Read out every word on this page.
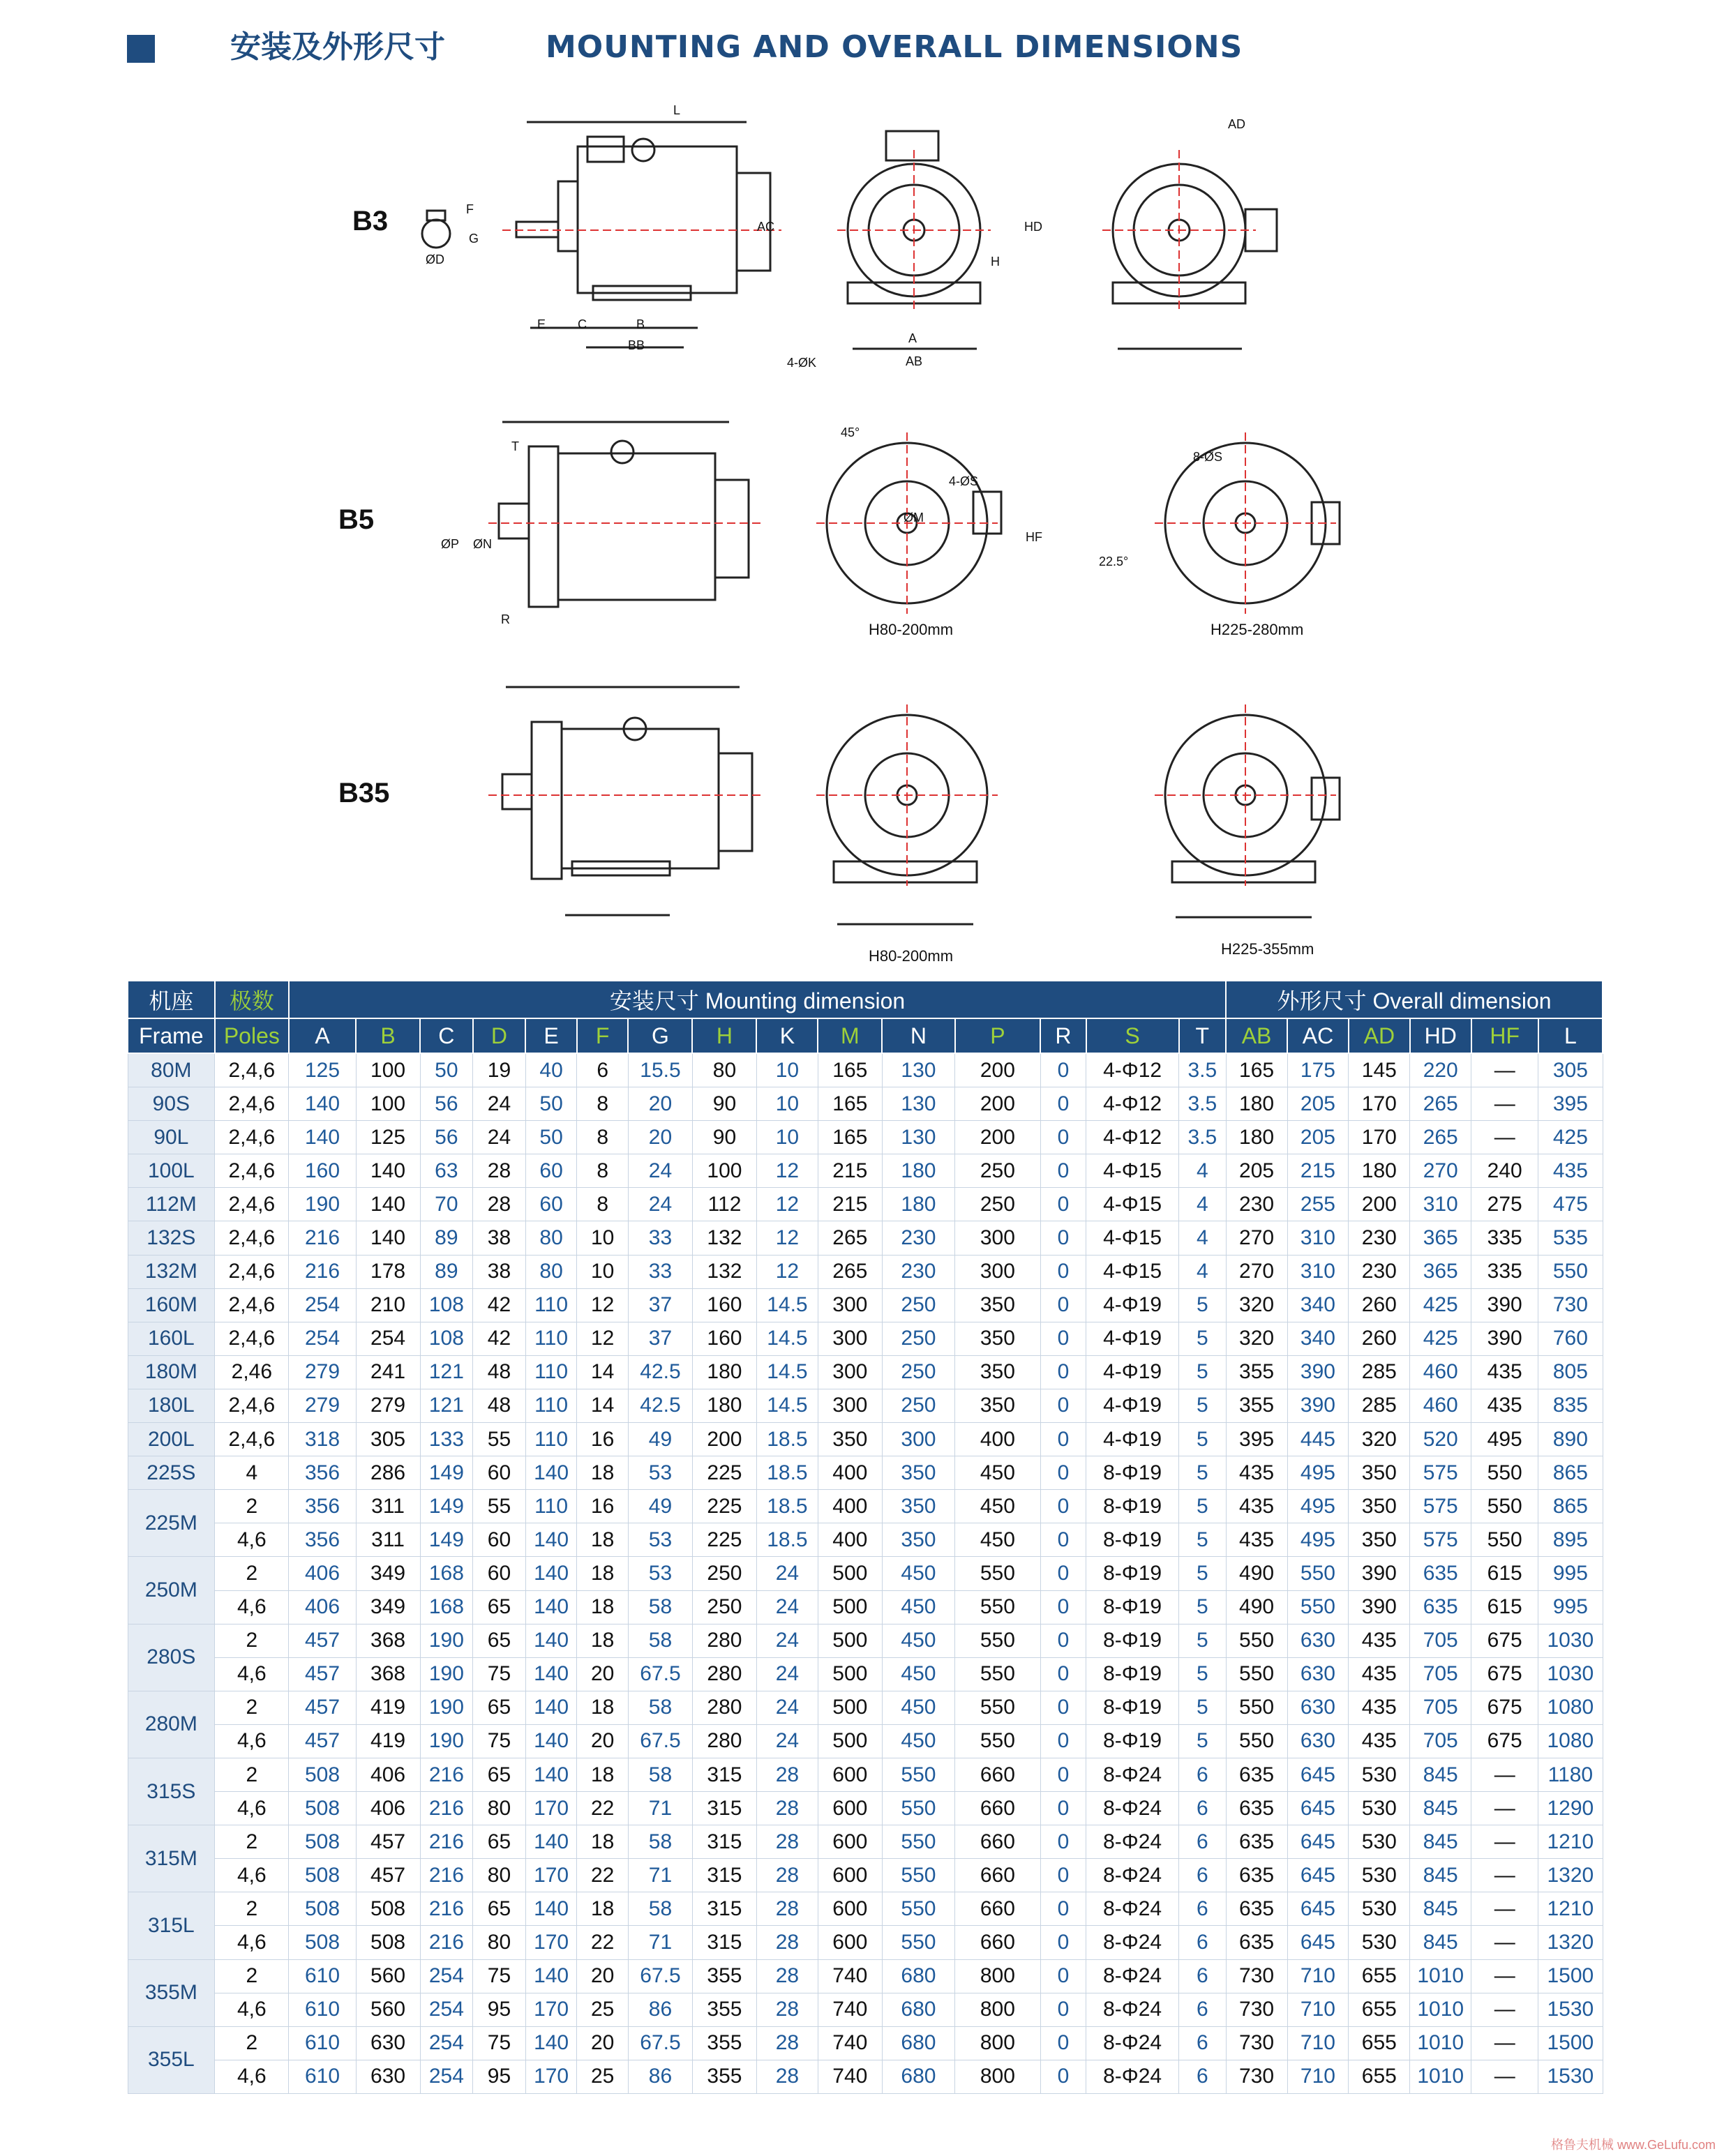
安装及外形尺寸	MOUNTING AND OVERALL DIMENSIONS
B3
B5
B35
H80-200mm	H225-280mm
H80-200mm	H225-355mm
L
AD
AC	HD
H
A
AB
4-ØK
E	C	B
BB
F
G
ØD
T
R
ØP ØN	HF
45°
22.5°
4-ØS
8-ØS
ØM
机座	极数	安装尺寸 Mounting dimension															外形尺寸 Overall dimension					
Frame	Poles	A	B	C	D	E	F	G	H	K	M	N	P	R	S	T	AB	AC	AD	HD	HF	L
80M	2,4,6	125	100	50	19	40	6	15.5	80	10	165	130	200	0	4-Φ12	3.5	165	175	145	220	—	305
90S	2,4,6	140	100	56	24	50	8	20	90	10	165	130	200	0	4-Φ12	3.5	180	205	170	265	—	395
90L	2,4,6	140	125	56	24	50	8	20	90	10	165	130	200	0	4-Φ12	3.5	180	205	170	265	—	425
100L	2,4,6	160	140	63	28	60	8	24	100	12	215	180	250	0	4-Φ15	4	205	215	180	270	240	435
112M	2,4,6	190	140	70	28	60	8	24	112	12	215	180	250	0	4-Φ15	4	230	255	200	310	275	475
132S	2,4,6	216	140	89	38	80	10	33	132	12	265	230	300	0	4-Φ15	4	270	310	230	365	335	535
132M	2,4,6	216	178	89	38	80	10	33	132	12	265	230	300	0	4-Φ15	4	270	310	230	365	335	550
160M	2,4,6	254	210	108	42	110	12	37	160	14.5	300	250	350	0	4-Φ19	5	320	340	260	425	390	730
160L	2,4,6	254	254	108	42	110	12	37	160	14.5	300	250	350	0	4-Φ19	5	320	340	260	425	390	760
180M	2,46	279	241	121	48	110	14	42.5	180	14.5	300	250	350	0	4-Φ19	5	355	390	285	460	435	805
180L	2,4,6	279	279	121	48	110	14	42.5	180	14.5	300	250	350	0	4-Φ19	5	355	390	285	460	435	835
200L	2,4,6	318	305	133	55	110	16	49	200	18.5	350	300	400	0	4-Φ19	5	395	445	320	520	495	890
225S	4	356	286	149	60	140	18	53	225	18.5	400	350	450	0	8-Φ19	5	435	495	350	575	550	865
225M	2	356	311	149	55	110	16	49	225	18.5	400	350	450	0	8-Φ19	5	435	495	350	575	550	865
	4,6	356	311	149	60	140	18	53	225	18.5	400	350	450	0	8-Φ19	5	435	495	350	575	550	895
250M	2	406	349	168	60	140	18	53	250	24	500	450	550	0	8-Φ19	5	490	550	390	635	615	995
	4,6	406	349	168	65	140	18	58	250	24	500	450	550	0	8-Φ19	5	490	550	390	635	615	995
280S	2	457	368	190	65	140	18	58	280	24	500	450	550	0	8-Φ19	5	550	630	435	705	675	1030
	4,6	457	368	190	75	140	20	67.5	280	24	500	450	550	0	8-Φ19	5	550	630	435	705	675	1030
280M	2	457	419	190	65	140	18	58	280	24	500	450	550	0	8-Φ19	5	550	630	435	705	675	1080
	4,6	457	419	190	75	140	20	67.5	280	24	500	450	550	0	8-Φ19	5	550	630	435	705	675	1080
315S	2	508	406	216	65	140	18	58	315	28	600	550	660	0	8-Φ24	6	635	645	530	845	—	1180
	4,6	508	406	216	80	170	22	71	315	28	600	550	660	0	8-Φ24	6	635	645	530	845	—	1290
315M	2	508	457	216	65	140	18	58	315	28	600	550	660	0	8-Φ24	6	635	645	530	845	—	1210
	4,6	508	457	216	80	170	22	71	315	28	600	550	660	0	8-Φ24	6	635	645	530	845	—	1320
315L	2	508	508	216	65	140	18	58	315	28	600	550	660	0	8-Φ24	6	635	645	530	845	—	1210
	4,6	508	508	216	80	170	22	71	315	28	600	550	660	0	8-Φ24	6	635	645	530	845	—	1320
355M	2	610	560	254	75	140	20	67.5	355	28	740	680	800	0	8-Φ24	6	730	710	655	1010	—	1500
	4,6	610	560	254	95	170	25	86	355	28	740	680	800	0	8-Φ24	6	730	710	655	1010	—	1530
355L	2	610	630	254	75	140	20	67.5	355	28	740	680	800	0	8-Φ24	6	730	710	655	1010	—	1500
	4,6	610	630	254	95	170	25	86	355	28	740	680	800	0	8-Φ24	6	730	710	655	1010	—	1530
格鲁夫机械 www.GeLufu.com
